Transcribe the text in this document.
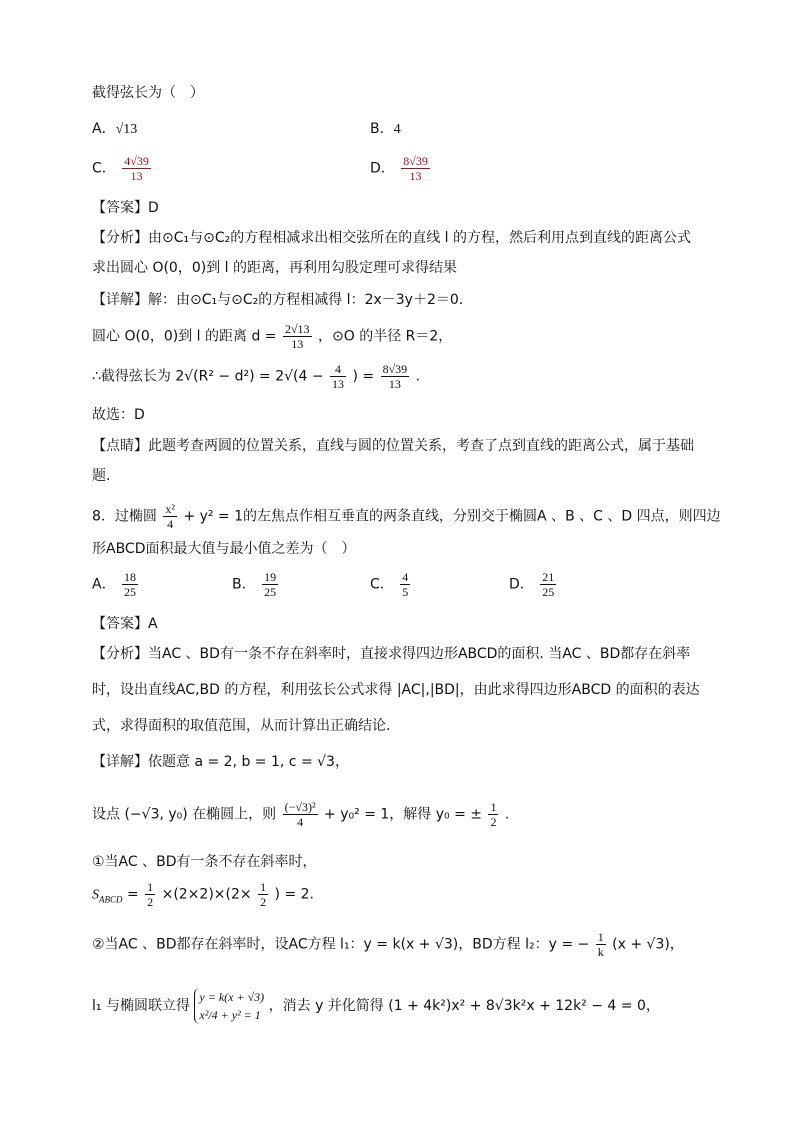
截得弦长为（　）
A．√13	B．4
C． $\frac{4√39}{13}$	D． $\frac{8√39}{13}$
【答案】D
【分析】由⊙C₁与⊙C₂的方程相减求出相交弦所在的直线 l 的方程，然后利用点到直线的距离公式
求出圆心 O(0，0)到 l 的距离，再利用勾股定理可求得结果
【详解】解：由⊙C₁与⊙C₂的方程相减得 l：2x－3y＋2＝0.
圆心 O(0，0)到 l 的距离 $d = \frac{2√13}{13}$ ，⊙O 的半径 R＝2，
∴截得弦长为 $2√(R^2 - d^2) = 2√(4 - \frac{4}{13}$ ) = $\frac{8√39}{13}$ .
故选：D
【点睛】此题考查两圆的位置关系，直线与圆的位置关系，考查了点到直线的距离公式，属于基础
题.
8．过椭圆 $\frac{\text{x²}}{4} + y^2 = 1$的左焦点作相互垂直的两条直线，分别交于椭圆A 、B 、C 、D 四点，则四边
形ABCD面积最大值与最小值之差为（　）
A． $\frac{18}{25}$	B． $\frac{19}{25}$	C． $\frac{4}{5}$	D． $\frac{21}{25}$
【答案】A
【分析】当AC 、BD有一条不存在斜率时，直接求得四边形ABCD的面积. 当AC 、BD都存在斜率
时，设出直线AC,BD 的方程，利用弦长公式求得 |AC|,|BD|，由此求得四边形ABCD 的面积的表达
式，求得面积的取值范围，从而计算出正确结论.
【详解】依题意 a = 2, b = 1, c = √3，
设点 (−√3, y₀) 在椭圆上，则 $\frac{\text{(−√3)²}}{4} + y_0^2 = 1$，解得 y₀ = ± $\frac{1}{2}$ .
①当AC 、BD有一条不存在斜率时，
$S_{ABCD} = \frac{1}{2} \times(2\times 2)\times(2\times \frac{1}{2}$ ) = 2.
②当AC 、BD都存在斜率时，设AC方程 l₁：y = k(x + √3)，BD方程 l₂：y = − $\frac{1}{k} (x + √3)$，
l₁ 与椭圆联立得
y = k(x + √3)
x²/4 + y² = 1
，消去 y 并化简得 (1 + 4k²)x² + 8√3k²x + 12k² − 4 = 0，
